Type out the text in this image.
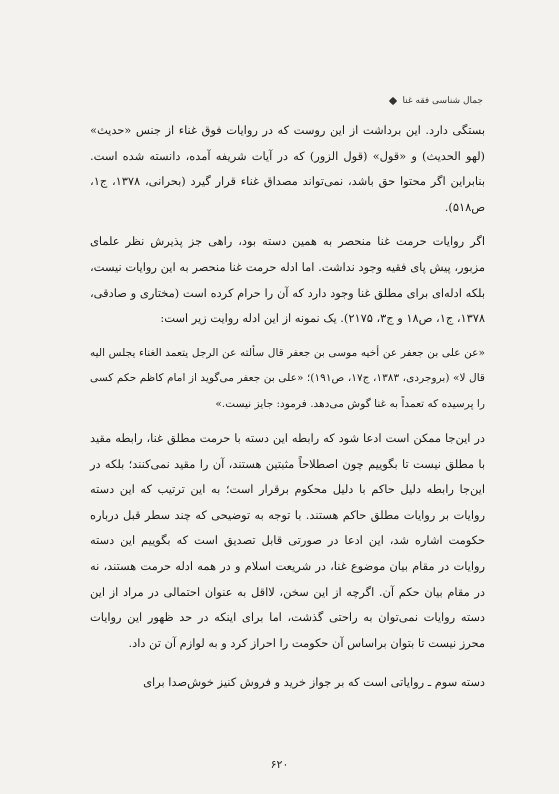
جمال شناسی فقه غنا

بستگی دارد. این برداشت از این روست که در روایات فوق غناء از جنس «حدیث» (لهو الحدیث) و «قول» (قول الزور) که در آیات شریفه آمده، دانسته شده است. بنابراین اگر محتوا حق باشد، نمی‌تواند مصداق غناء قرار گیرد (بحرانی، ۱۳۷۸، ج۱، ص۵۱۸).

اگر روایات حرمت غنا منحصر به همین دسته بود، راهی جز پذیرش نظر علمای مزبور، پیش پای فقیه وجود نداشت. اما ادله حرمت غنا منحصر به این روایات نیست، بلکه ادله‌ای برای مطلق غنا وجود دارد که آن را حرام کرده است (مختاری و صادقی، ۱۳۷۸، ج۱، ص۱۸ و ج۳، ۲۱۷۵). یک نمونه از این ادله روایت زیر است:

«عن علی بن جعفر عن أخیه موسی بن جعفر قال سألته عن الرجل یتعمد الغناء یجلس الیه قال لا» (بروجردی، ۱۳۸۳، ج۱۷، ص۱۹۱)؛ «علی بن جعفر می‌گوید از امام کاظم حکم کسی را پرسیده که تعمداً به غنا گوش می‌دهد. فرمود: جایز نیست.»

در این‌جا ممکن است ادعا شود که رابطه این دسته با حرمت مطلق غنا، رابطه مقید با مطلق نیست تا بگوییم چون اصطلاحاً مثبتین هستند، آن را مقید نمی‌کنند؛ بلکه در این‌جا رابطه دلیل حاکم با دلیل محکوم برقرار است؛ به این ترتیب که این دسته روایات بر روایات مطلق حاکم هستند. با توجه به توضیحی که چند سطر قبل درباره حکومت اشاره شد، این ادعا در صورتی قابل تصدیق است که بگوییم این دسته روایات در مقام بیان موضوع غنا، در شریعت اسلام و در همه ادله حرمت هستند، نه در مقام بیان حکم آن. اگرچه از این سخن، لااقل به عنوان احتمالی در مراد از این دسته روایات نمی‌توان به راحتی گذشت، اما برای اینکه در حد ظهور این روایات محرز نیست تا بتوان براساس آن حکومت را احراز کرد و به لوازم آن تن داد.

دسته سوم ـ روایاتی است که بر جواز خرید و فروش کنیز خوش‌صدا برای

۶۲۰
